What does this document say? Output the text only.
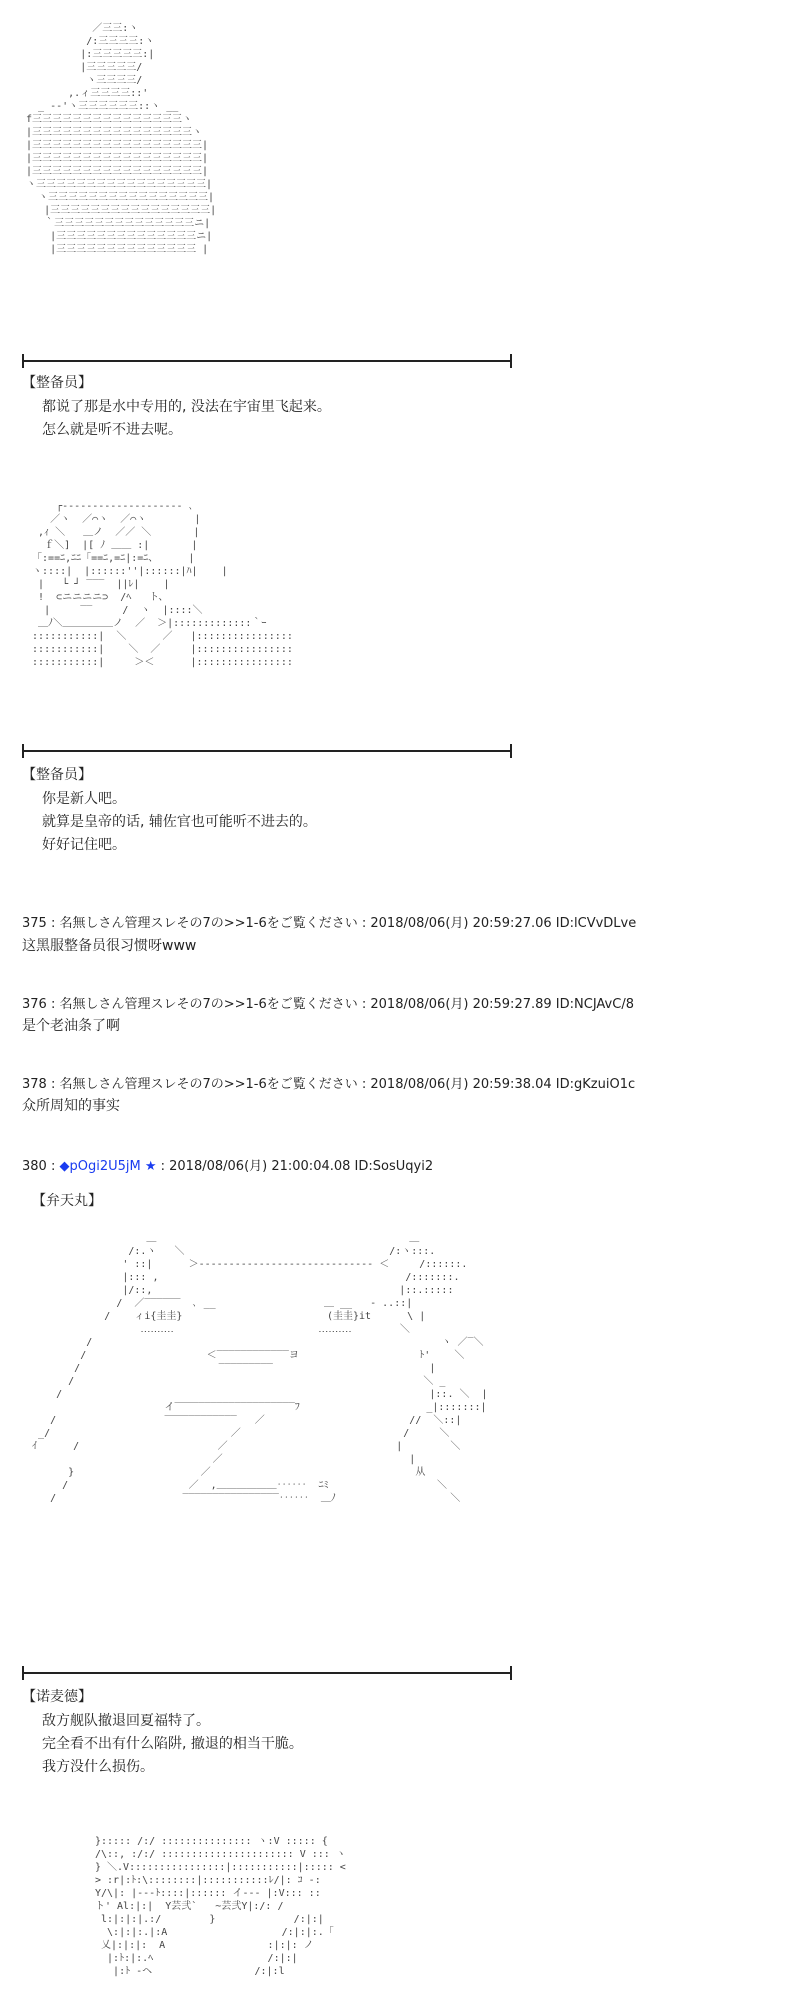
／三三:ヽ
/:三三三三:ヽ
|:三三三三三:|
|三三三三三/
ヽ三三三三/
,.ィ三三三三::'
_ ‐‐'ヽ三三三三三三::ヽ __
f三三三三三三三三三三三三三三三ヽ
|三三三三三三三三三三三三三三三三ヽ
|三三三三三三三三三三三三三三三三三|
|三三三三三三三三三三三三三三三三三|
|三三三三三三三三三三三三三三三三三|
ヽ三三三三三三三三三三三三三三三三三|
ヽ三三三三三三三三三三三三三三三三|
|三三三三三三三三三三三三三三三三|
｀三三三三三三三三三三三三三三ニ|
|三三三三三三三三三三三三三三ニ|
|三三三三三三三三三三三三三三 |
【整备员】
都说了那是水中专用的, 没法在宇宙里飞起来。
怎么就是听不进去呢。
┌‐‐‐‐‐‐‐‐‐‐‐‐‐‐‐‐‐‐‐‐ ､
／ヽ  ／⌒ヽ  ／⌒ヽ        |
,ｨ ＼   ＿ノ  ／／ ＼       |
ｆ＼]  |[ ﾉ ＿＿ :|       |
「:==ﾆ,ﾆﾆ「==ﾆ,=ﾆ|:=ﾆ、     |
ヽ::::|  |::::::''|::::::|ﾊ|    |
|   └ ┘ ‾‾‾  ||ﾚ|    |
!  ⊂ニニニニ⊃  /ﾍ   ト、
|     ‾‾     /  ヽ  |::::＼
＿ﾉ＼＿＿＿＿＿ノ  ／  ＞|:::::::::::::｀ｰ
:::::::::::|  ＼      ／   |::::::::::::::::
:::::::::::|    ＼  ／     |::::::::::::::::
:::::::::::|     ＞＜      |::::::::::::::::
【整备员】
你是新人吧。
就算是皇帝的话, 辅佐官也可能听不进去的。
好好记住吧。
375 : 名無しさん管理スレその7の>>1-6をご覧ください : 2018/08/06(月) 20:59:27.06 ID:lCVvDLve
这黑服整备员很习惯呀www
376 : 名無しさん管理スレその7の>>1-6をご覧ください : 2018/08/06(月) 20:59:27.89 ID:NCJAvC/8
是个老油条了啊
378 : 名無しさん管理スレその7の>>1-6をご覧ください : 2018/08/06(月) 20:59:38.04 ID:gKzuiO1c
众所周知的事实
380 : ◆pOgi2U5jM ★ : 2018/08/06(月) 21:00:04.08 ID:SosUqyi2
【弁天丸】
＿                                          ＿
/:.ヽ   ＼                                  /:ヽ:::.
' ::|      ＞‐‐‐‐‐‐‐‐‐‐‐‐‐‐‐‐‐‐‐‐‐‐‐‐‐‐‐‐‐ ＜     /::::::.
|::: ,                                         /:::::::.
|/::,                                         |::.:::::
/  ／‾‾‾‾‾‾  ､ __                  ＿ __   - ..::|
/    ィi{圭圭}                        (圭圭}it      \ |
‥‥‥‥‥                        ‥‥‥‥‥        ＼
/                                                          ヽ ／‾＼
/                    ＜‾‾‾‾‾‾‾‾‾‾‾‾ヨ                    ﾄ'    ＼
/                       ‾‾‾‾‾‾‾‾‾                          |
/                                                          ＼ _
/                                                             |::. ＼  |
イ‾‾‾‾‾‾‾‾‾‾‾‾‾‾‾‾‾‾‾‾ﾌ                     _|:::::::|
/                  ‾‾‾‾‾‾‾‾‾‾‾‾   ／                        //  ＼::|
_/                              ／                           /     ＼
ｲ      /                       ／                            |        ＼
／                               |
}                     ／                                  从
/                    ／  ,＿＿＿＿＿＿‥‥‥  ﾆﾐ                  ＼
/                     ‾‾‾‾‾‾‾‾‾‾‾‾‾‾‾‾‥‥‥  ＿ﾉ                   ＼
【诺麦德】
敌方舰队撤退回夏福特了。
完全看不出有什么陷阱, 撤退的相当干脆。
我方没什么损伤。
}::::: /:/ ::::::::::::::: ヽ:V ::::: {
/\::, :/:/ :::::::::::::::::::::: V ::: ヽ
} ＼.V::::::::::::::::|:::::::::::|::::: <
> :r|:ﾄ:\::::::::|:::::::::::ﾚ/|: ｺ -:
Y/\|: |‐‐‐ﾄ::::|:::::: イ‐‐‐ |:V::: ::
ト' Al:|:|  Y芸弐`   ~芸弐Y|:/: /
l:|:|:|.:/        }             /:|:|
\:|:|:.|:A                   /:|:|:.「
乂|:|:|:  A                 :|:|: ノ
|:ﾄ:|:.ﾍ                   /:|:|
|:ﾄ ‐ヘ                 /:|:l
